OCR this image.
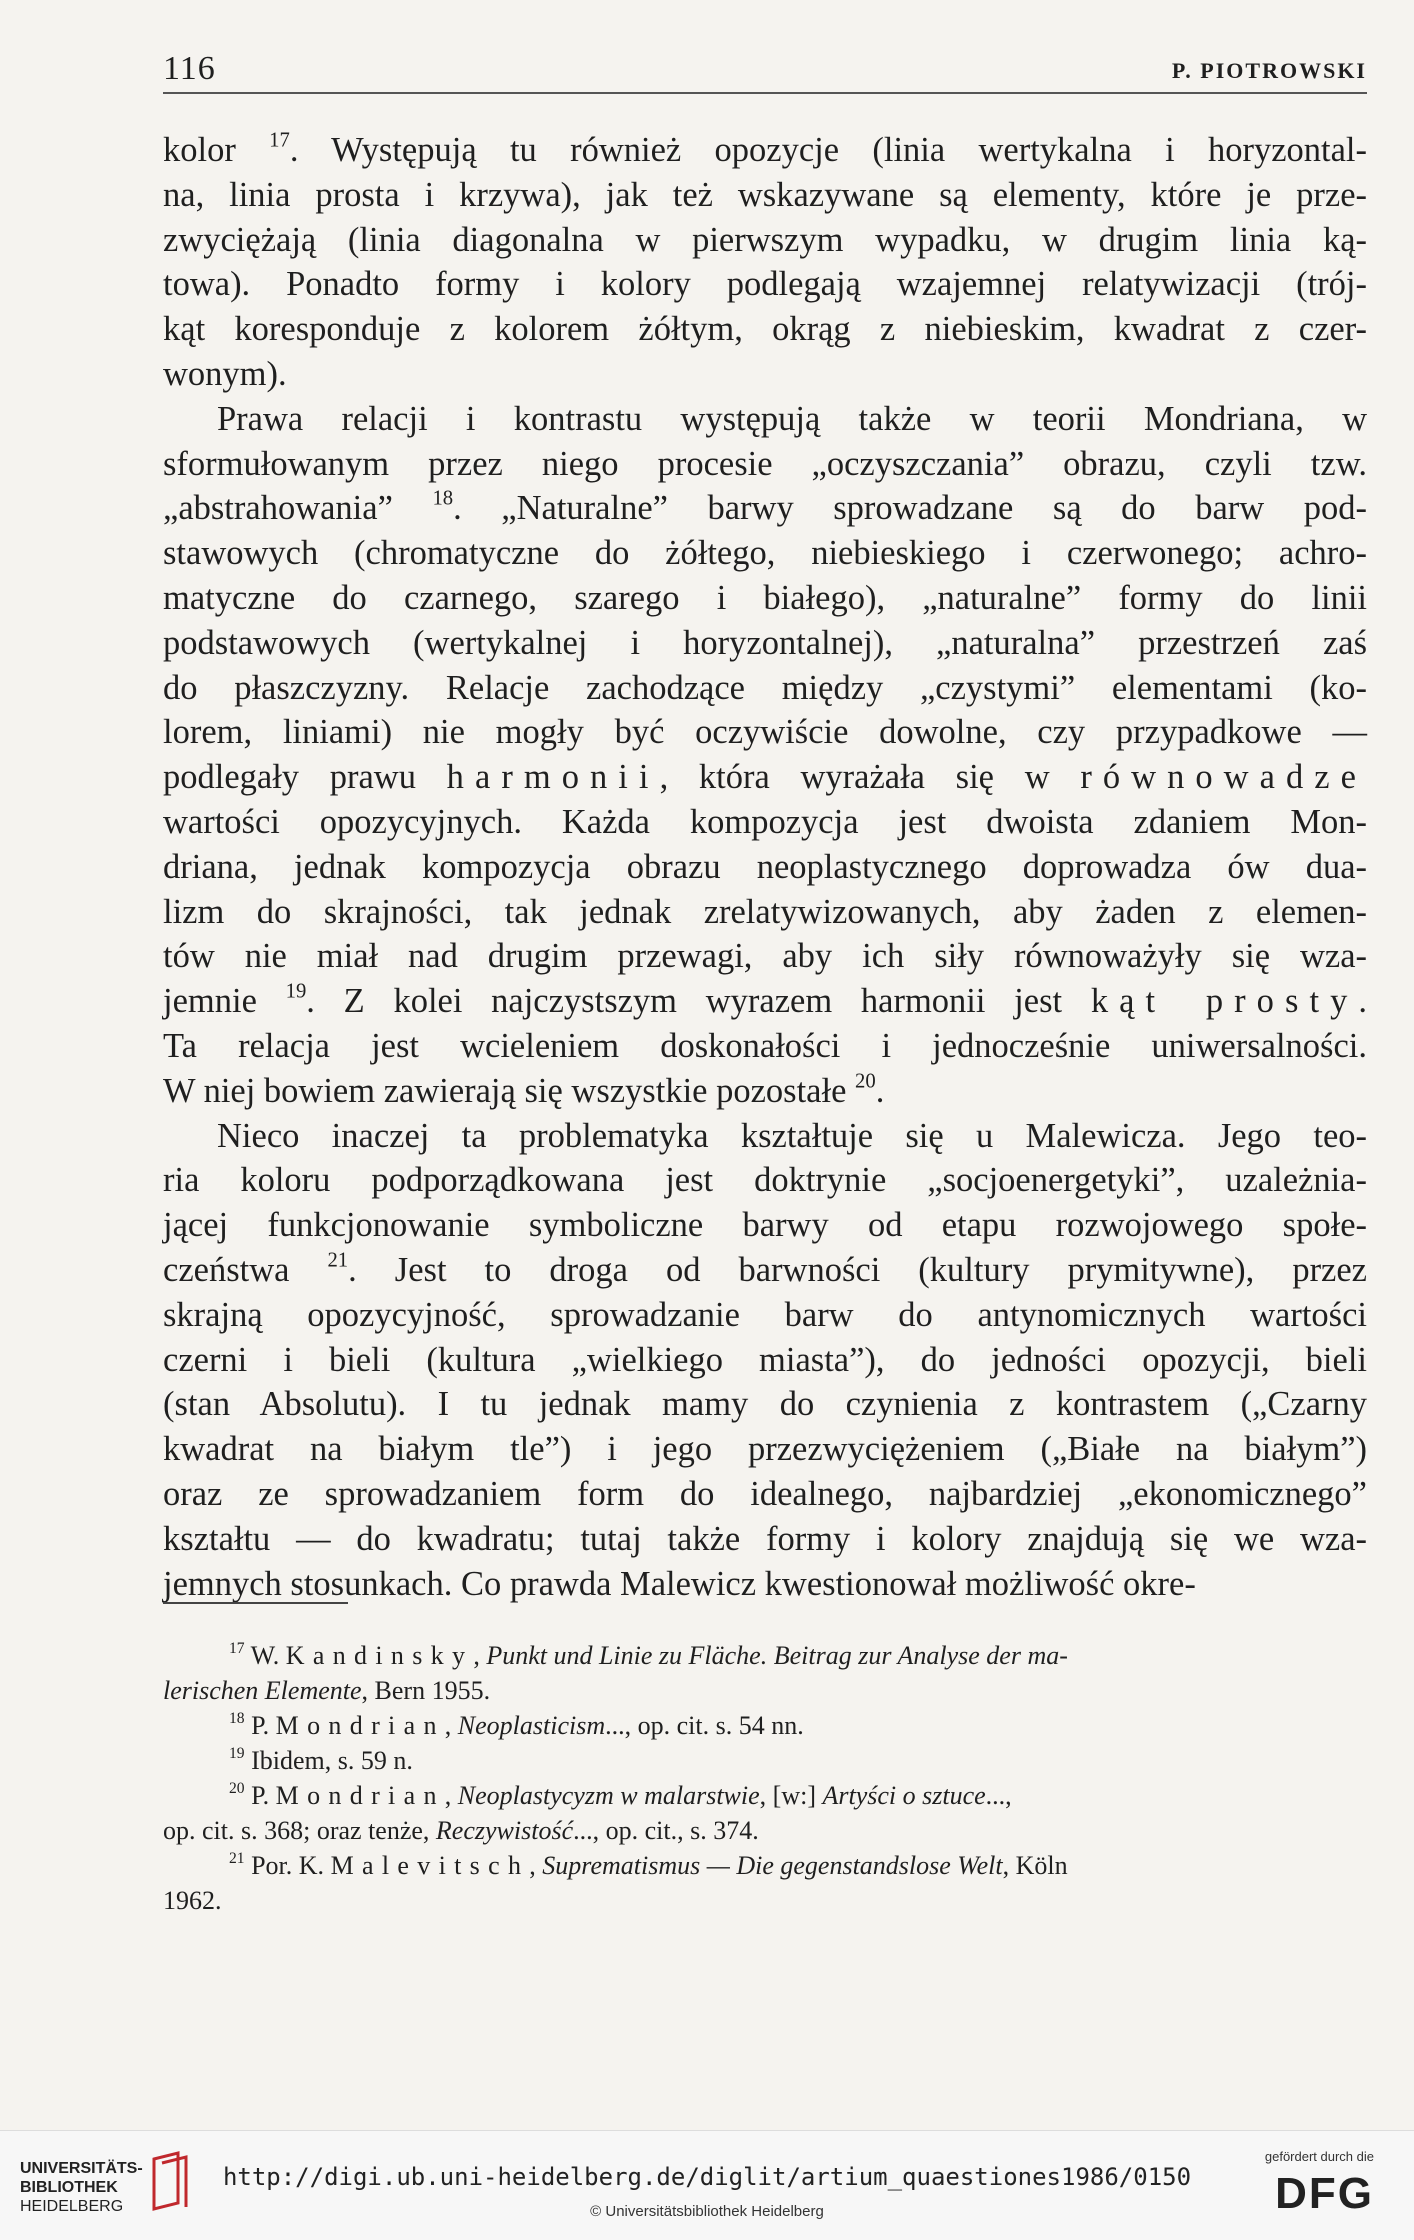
116	P. PIOTROWSKI

kolor $^{17}$. Występują tu również opozycje (linia wertykalna i horyzontal-
na, linia prosta i krzywa), jak też wskazywane są elementy, które je prze-
zwyciężają (linia diagonalna w pierwszym wypadku, w drugim linia ką-
towa). Ponadto formy i kolory podlegają wzajemnej relatywizacji (trój-
kąt koresponduje z kolorem żółtym, okrąg z niebieskim, kwadrat z czer-
wonym).

Prawa relacji i kontrastu występują także w teorii Mondriana, w
sformułowanym przez niego procesie „oczyszczania” obrazu, czyli tzw.
„abstrahowania” $^{18}$. „Naturalne” barwy sprowadzane są do barw pod-
stawowych (chromatyczne do żółtego, niebieskiego i czerwonego; achro-
matyczne do czarnego, szarego i białego), „naturalne” formy do linii
podstawowych (wertykalnej i horyzontalnej), „naturalna” przestrzeń zaś
do płaszczyzny. Relacje zachodzące między „czystymi” elementami (ko-
lorem, liniami) nie mogły być oczywiście dowolne, czy przypadkowe —
podlegały prawu harmonii, która wyrażała się w równowadze
wartości opozycyjnych. Każda kompozycja jest dwoista zdaniem Mon-
driana, jednak kompozycja obrazu neoplastycznego doprowadza ów dua-
lizm do skrajności, tak jednak zrelatywizowanych, aby żaden z elemen-
tów nie miał nad drugim przewagi, aby ich siły równoważyły się wza-
jemnie $^{19}$. Z kolei najczystszym wyrazem harmonii jest kąt prosty.
Ta relacja jest wcieleniem doskonałości i jednocześnie uniwersalności.
W niej bowiem zawierają się wszystkie pozostałe $^{20}$.

Nieco inaczej ta problematyka kształtuje się u Malewicza. Jego teo-
ria koloru podporządkowana jest doktrynie „socjoenergetyki”, uzależnia-
jącej funkcjonowanie symboliczne barwy od etapu rozwojowego społe-
czeństwa $^{21}$. Jest to droga od barwności (kultury prymitywne), przez
skrajną opozycyjność, sprowadzanie barw do antynomicznych wartości
czerni i bieli (kultura „wielkiego miasta”), do jedności opozycji, bieli
(stan Absolutu). I tu jednak mamy do czynienia z kontrastem („Czarny
kwadrat na białym tle”) i jego przezwyciężeniem („Białe na białym”)
oraz ze sprowadzaniem form do idealnego, najbardziej „ekonomicznego”
kształtu — do kwadratu; tutaj także formy i kolory znajdują się we wza-
jemnych stosunkach. Co prawda Malewicz kwestionował możliwość okre-

$^{17}$ W. Kandinsky, Punkt und Linie zu Fläche. Beitrag zur Analyse der ma-
lerischen Elemente, Bern 1955.
$^{18}$ P. Mondrian, Neoplasticism..., op. cit. s. 54 nn.
$^{19}$ Ibidem, s. 59 n.
$^{20}$ P. Mondrian, Neoplastycyzm w malarstwie, [w:] Artyści o sztuce...,
op. cit. s. 368; oraz tenże, Reczywistość..., op. cit., s. 374.
$^{21}$ Por. K. Malevitsch, Suprematismus — Die gegenstandslose Welt, Köln
1962.
UNIVERSITÄTS-
BIBLIOTHEK
HEIDELBERG
http://digi.ub.uni-heidelberg.de/diglit/artium_quaestiones1986/0150
© Universitätsbibliothek Heidelberg
gefördert durch die
DFG
